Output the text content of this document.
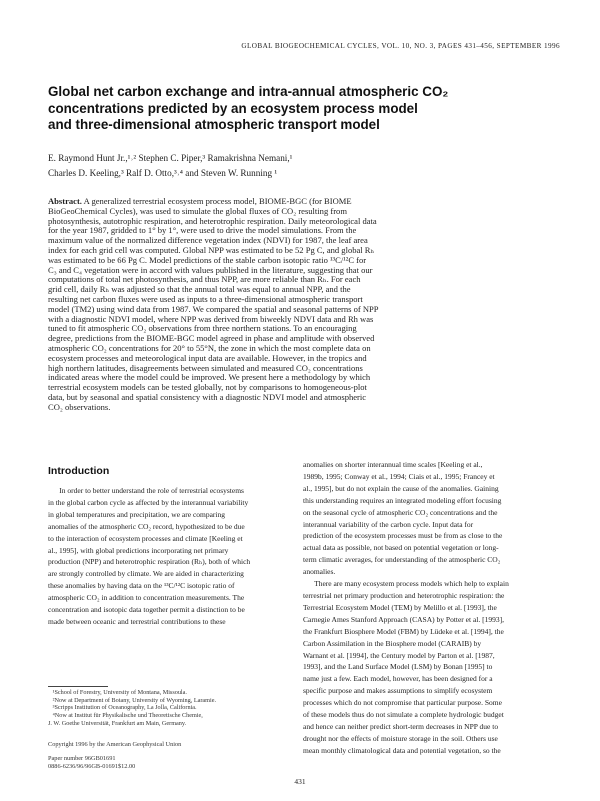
GLOBAL BIOGEOCHEMICAL CYCLES, VOL. 10, NO. 3, PAGES 431–456, SEPTEMBER 1996
Global net carbon exchange and intra-annual atmospheric CO₂
concentrations predicted by an ecosystem process model
and three-dimensional atmospheric transport model
E. Raymond Hunt Jr.,¹˒² Stephen C. Piper,³ Ramakrishna Nemani,¹
Charles D. Keeling,³ Ralf D. Otto,³˒⁴ and Steven W. Running ¹
Abstract. A generalized terrestrial ecosystem process model, BIOME-BGC (for BIOME
BioGeoChemical Cycles), was used to simulate the global fluxes of CO₂ resulting from
photosynthesis, autotrophic respiration, and heterotrophic respiration. Daily meteorological data
for the year 1987, gridded to 1° by 1°, were used to drive the model simulations. From the
maximum value of the normalized difference vegetation index (NDVI) for 1987, the leaf area
index for each grid cell was computed. Global NPP was estimated to be 52 Pg C, and global Rₕ
was estimated to be 66 Pg C. Model predictions of the stable carbon isotopic ratio ¹³C/¹²C for
C₃ and C₄ vegetation were in accord with values published in the literature, suggesting that our
computations of total net photosynthesis, and thus NPP, are more reliable than Rₕ. For each
grid cell, daily Rₕ was adjusted so that the annual total was equal to annual NPP, and the
resulting net carbon fluxes were used as inputs to a three-dimensional atmospheric transport
model (TM2) using wind data from 1987. We compared the spatial and seasonal patterns of NPP
with a diagnostic NDVI model, where NPP was derived from biweekly NDVI data and Rh was
tuned to fit atmospheric CO₂ observations from three northern stations. To an encouraging
degree, predictions from the BIOME-BGC model agreed in phase and amplitude with observed
atmospheric CO₂ concentrations for 20° to 55°N, the zone in which the most complete data on
ecosystem processes and meteorological input data are available. However, in the tropics and
high northern latitudes, disagreements between simulated and measured CO₂ concentrations
indicated areas where the model could be improved. We present here a methodology by which
terrestrial ecosystem models can be tested globally, not by comparisons to homogeneous-plot
data, but by seasonal and spatial consistency with a diagnostic NDVI model and atmospheric
CO₂ observations.
Introduction
In order to better understand the role of terrestrial ecosystems
in the global carbon cycle as affected by the interannual variability
in global temperatures and precipitation, we are comparing
anomalies of the atmospheric CO₂ record, hypothesized to be due
to the interaction of ecosystem processes and climate [Keeling et
al., 1995], with global predictions incorporating net primary
production (NPP) and heterotrophic respiration (Rₕ), both of which
are strongly controlled by climate. We are aided in characterizing
these anomalies by having data on the ¹³C/¹²C isotopic ratio of
atmospheric CO₂ in addition to concentration measurements. The
concentration and isotopic data together permit a distinction to be
made between oceanic and terrestrial contributions to these
¹School of Forestry, University of Montana, Missoula.
²Now at Department of Botany, University of Wyoming, Laramie.
³Scripps Institution of Oceanography, La Jolla, California.
⁴Now at Institut für Physikalische und Theoretische Chemie,
J. W. Goethe Universität, Frankfurt am Main, Germany.
Copyright 1996 by the American Geophysical Union
Paper number 96GB01691
0886-6236/96/96GB-01691$12.00
anomalies on shorter interannual time scales [Keeling et al.,
1989b, 1995; Conway et al., 1994; Ciais et al., 1995; Francey et
al., 1995], but do not explain the cause of the anomalies. Gaining
this understanding requires an integrated modeling effort focusing
on the seasonal cycle of atmospheric CO₂ concentrations and the
interannual variability of the carbon cycle. Input data for
prediction of the ecosystem processes must be from as close to the
actual data as possible, not based on potential vegetation or long-
term climatic averages, for understanding of the atmospheric CO₂
anomalies.
There are many ecosystem process models which help to explain
terrestrial net primary production and heterotrophic respiration: the
Terrestrial Ecosystem Model (TEM) by Melillo et al. [1993], the
Carnegie Ames Stanford Approach (CASA) by Potter et al. [1993],
the Frankfurt Biosphere Model (FBM) by Lüdeke et al. [1994], the
Carbon Assimilation in the Biosphere model (CARAIB) by
Warnant et al. [1994], the Century model by Parton et al. [1987,
1993], and the Land Surface Model (LSM) by Bonan [1995] to
name just a few. Each model, however, has been designed for a
specific purpose and makes assumptions to simplify ecosystem
processes which do not compromise that particular purpose. Some
of these models thus do not simulate a complete hydrologic budget
and hence can neither predict short-term decreases in NPP due to
drought nor the effects of moisture storage in the soil. Others use
mean monthly climatological data and potential vegetation, so the
431
